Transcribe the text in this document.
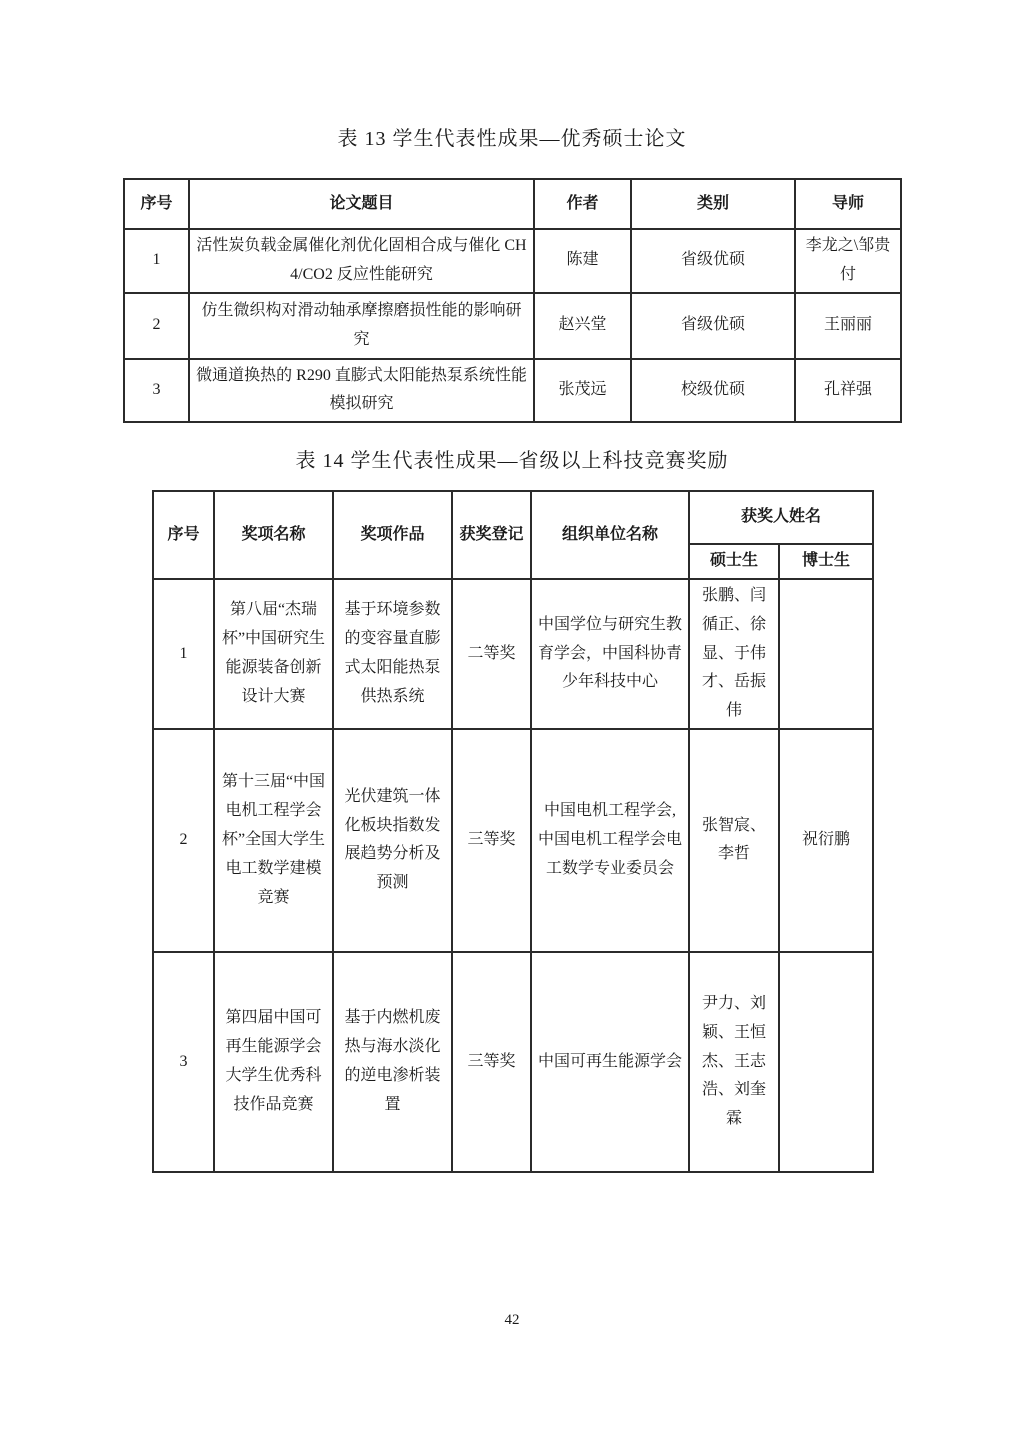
表 13 学生代表性成果—优秀硕士论文
序号	论文题目	作者	类别	导师
1	活性炭负载金属催化剂优化固相合成与催化 CH4/CO2 反应性能研究	陈建	省级优硕	李龙之\邹贵付
2	仿生微织构对滑动轴承摩擦磨损性能的影响研究	赵兴堂	省级优硕	王丽丽
3	微通道换热的 R290 直膨式太阳能热泵系统性能模拟研究	张茂远	校级优硕	孔祥强
表 14 学生代表性成果—省级以上科技竞赛奖励
序号	奖项名称	奖项作品	获奖登记	组织单位名称	获奖人姓名	
					硕士生	博士生
1	第八届“杰瑞杯”中国研究生能源装备创新设计大赛	基于环境参数的变容量直膨式太阳能热泵供热系统	二等奖	中国学位与研究生教育学会，中国科协青少年科技中心	张鹏、闫循正、徐显、于伟才、岳振伟	
2	第十三届“中国电机工程学会杯”全国大学生电工数学建模竞赛	光伏建筑一体化板块指数发展趋势分析及预测	三等奖	中国电机工程学会,中国电机工程学会电工数学专业委员会	张智宸、李哲	祝衍鹏
3	第四届中国可再生能源学会大学生优秀科技作品竞赛	基于内燃机废热与海水淡化的逆电渗析装置	三等奖	中国可再生能源学会	尹力、刘颖、王恒杰、王志浩、刘奎霖	
42
